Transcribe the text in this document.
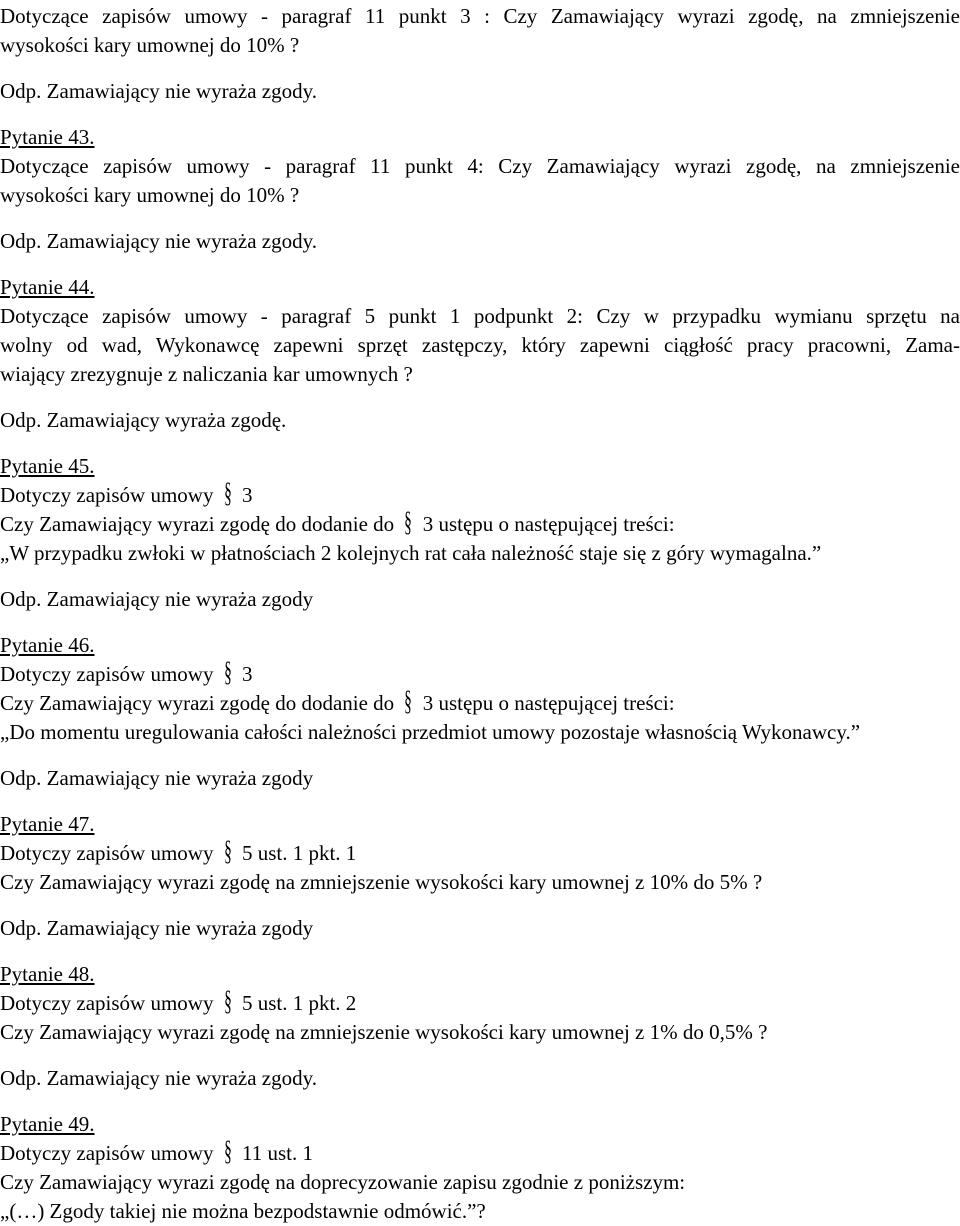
Dotyczące zapisów umowy - paragraf 11 punkt 3 : Czy Zamawiający wyrazi zgodę, na zmniejszenie
wysokości kary umownej do 10% ?
Odp. Zamawiający nie wyraża zgody.
Pytanie 43.
Dotyczące zapisów umowy - paragraf 11 punkt 4: Czy Zamawiający wyrazi zgodę, na zmniejszenie
wysokości kary umownej do 10% ?
Odp. Zamawiający nie wyraża zgody.
Pytanie 44.
Dotyczące zapisów umowy - paragraf 5 punkt 1 podpunkt 2: Czy w przypadku wymianu sprzętu na
wolny od wad, Wykonawcę zapewni sprzęt zastępczy, który zapewni ciągłość pracy pracowni, Zama-
wiający zrezygnuje z naliczania kar umownych ?
Odp. Zamawiający wyraża zgodę.
Pytanie 45.
Dotyczy zapisów umowy § 3
Czy Zamawiający wyrazi zgodę do dodanie do § 3 ustępu o następującej treści:
„W przypadku zwłoki w płatnościach 2 kolejnych rat cała należność staje się z góry wymagalna.”
Odp. Zamawiający nie wyraża zgody
Pytanie 46.
Dotyczy zapisów umowy § 3
Czy Zamawiający wyrazi zgodę do dodanie do § 3 ustępu o następującej treści:
„Do momentu uregulowania całości należności przedmiot umowy pozostaje własnością Wykonawcy.”
Odp. Zamawiający nie wyraża zgody
Pytanie 47.
Dotyczy zapisów umowy § 5 ust. 1 pkt. 1
Czy Zamawiający wyrazi zgodę na zmniejszenie wysokości kary umownej z 10% do 5% ?
Odp. Zamawiający nie wyraża zgody
Pytanie 48.
Dotyczy zapisów umowy § 5 ust. 1 pkt. 2
Czy Zamawiający wyrazi zgodę na zmniejszenie wysokości kary umownej z 1% do 0,5% ?
Odp. Zamawiający nie wyraża zgody.
Pytanie 49.
Dotyczy zapisów umowy § 11 ust. 1
Czy Zamawiający wyrazi zgodę na doprecyzowanie zapisu zgodnie z poniższym:
„(…) Zgody takiej nie można bezpodstawnie odmówić.”?
